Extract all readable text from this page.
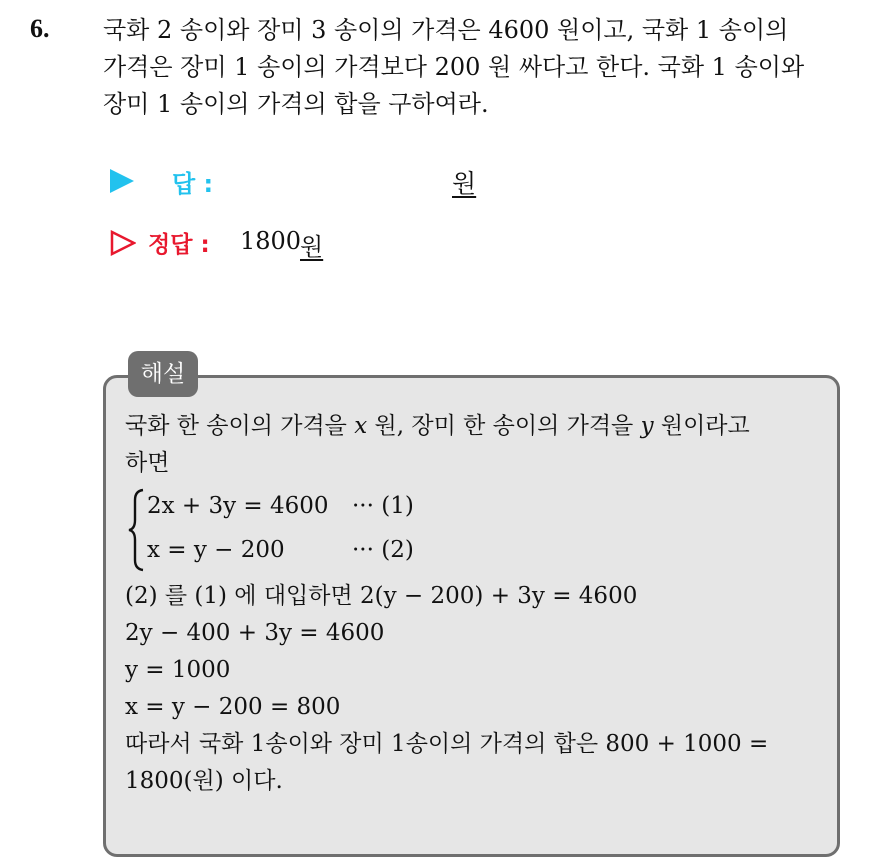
6. 국화 2 송이와 장미 3 송이의 가격은 4600 원이고, 국화 1 송이의
가격은 장미 1 송이의 가격보다 200 원 싸다고 한다. 국화 1 송이와
장미 1 송이의 가격의 합을 구하여라.
답 :	원
정답 : 1800
원
해설
국화 한 송이의 가격을 x 원, 장미 한 송이의 가격을 y 원이라고
하면
2x + 3y = 4600 ··· (1)
x = y − 200	··· (2)
(2) 를 (1) 에 대입하면 2(y − 200) + 3y = 4600
2y − 400 + 3y = 4600
y = 1000
x = y − 200 = 800
따라서 국화 1송이와 장미 1송이의 가격의 합은 800 + 1000 =
1800(원) 이다.
